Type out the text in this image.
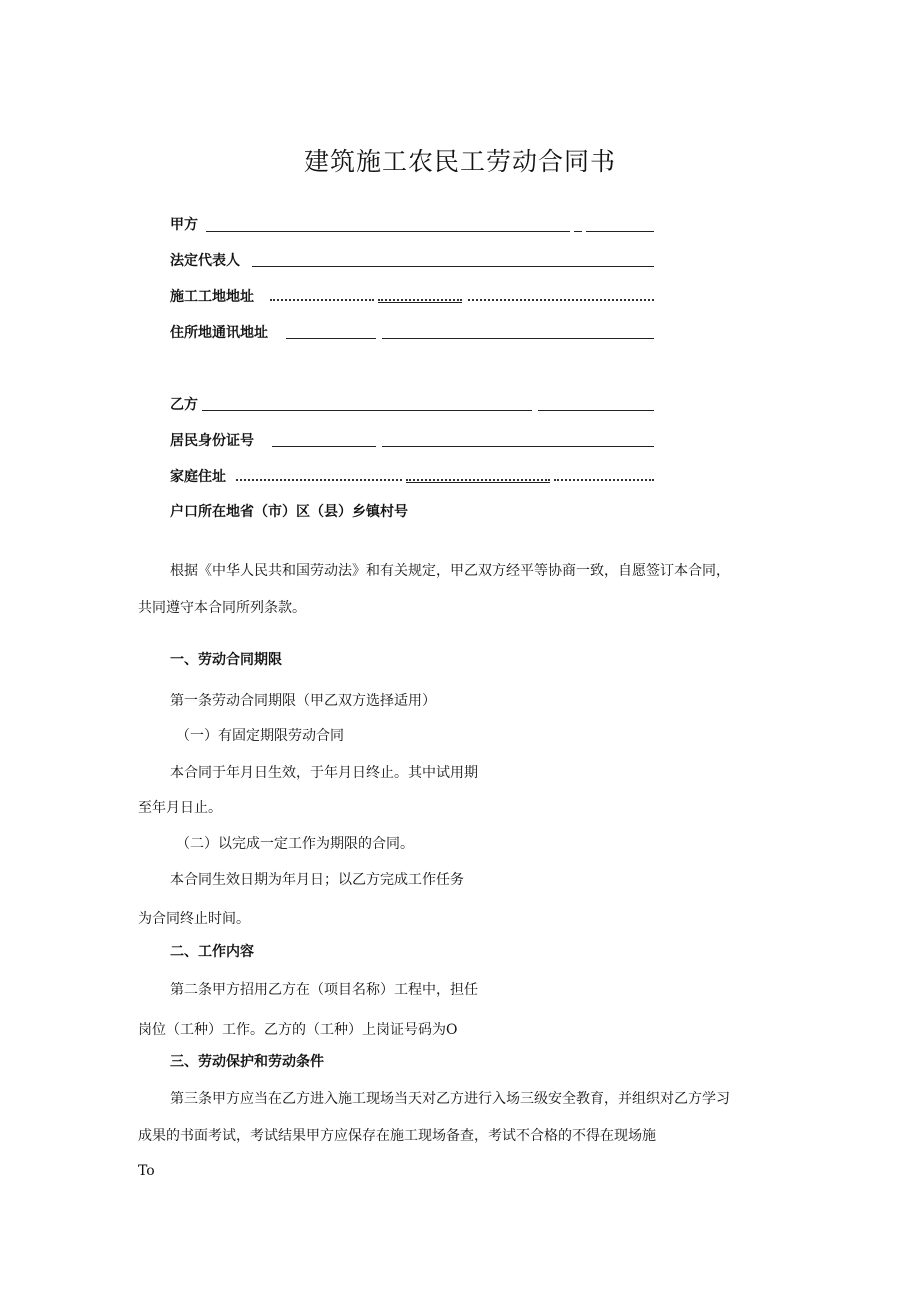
建筑施工农民工劳动合同书
甲方
法定代表人
施工工地地址
住所地通讯地址
乙方
居民身份证号
家庭住址
户口所在地省（市）区（县）乡镇村号
根据《中华人民共和国劳动法》和有关规定，甲乙双方经平等协商一致，自愿签订本合同，
共同遵守本合同所列条款。
一、劳动合同期限
第一条劳动合同期限（甲乙双方选择适用）
（一）有固定期限劳动合同
本合同于年月日生效，于年月日终止。其中试用期
至年月日止。
（二）以完成一定工作为期限的合同。
本合同生效日期为年月日；以乙方完成工作任务
为合同终止时间。
二、工作内容
第二条甲方招用乙方在（项目名称）工程中，担任
岗位（工种）工作。乙方的（工种）上岗证号码为O
三、劳动保护和劳动条件
第三条甲方应当在乙方进入施工现场当天对乙方进行入场三级安全教育，并组织对乙方学习
成果的书面考试，考试结果甲方应保存在施工现场备查，考试不合格的不得在现场施
To
